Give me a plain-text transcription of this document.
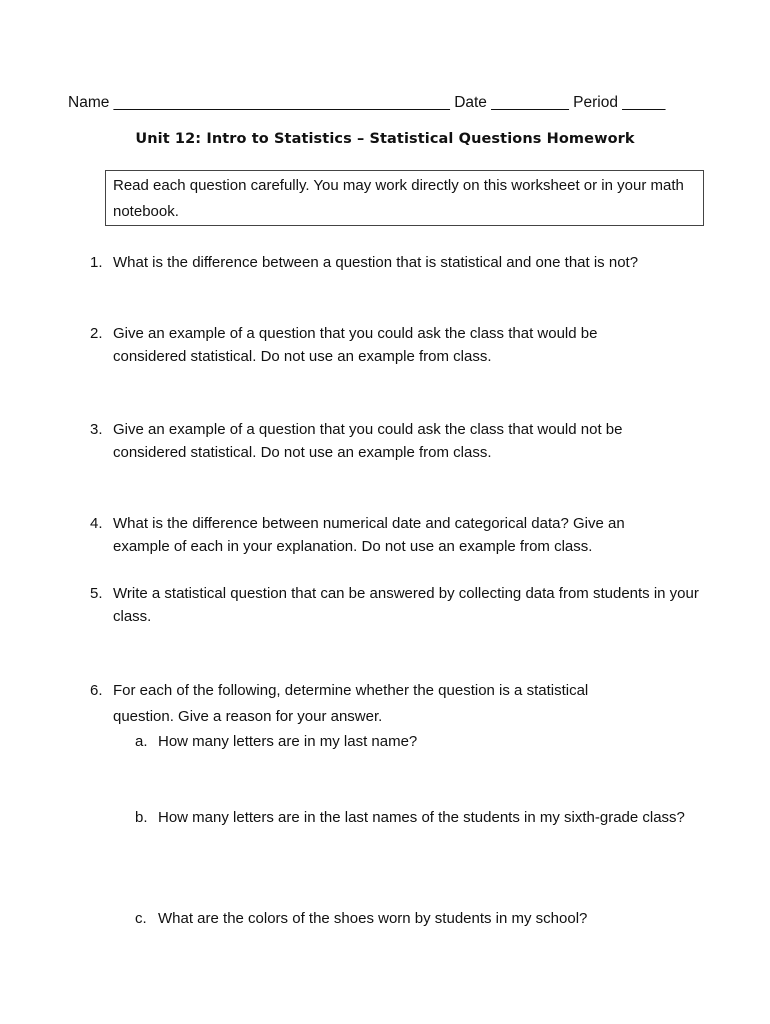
Name _______________________________________ Date _________ Period _____
Unit 12: Intro to Statistics – Statistical Questions Homework
Read each question carefully. You may work directly on this worksheet or in your math notebook.
1. What is the difference between a question that is statistical and one that is not?
2. Give an example of a question that you could ask the class that would be considered statistical. Do not use an example from class.
3. Give an example of a question that you could ask the class that would not be considered statistical. Do not use an example from class.
4. What is the difference between numerical date and categorical data? Give an example of each in your explanation. Do not use an example from class.
5. Write a statistical question that can be answered by collecting data from students in your class.
6. For each of the following, determine whether the question is a statistical question. Give a reason for your answer.
a. How many letters are in my last name?
b. How many letters are in the last names of the students in my sixth-grade class?
c. What are the colors of the shoes worn by students in my school?
